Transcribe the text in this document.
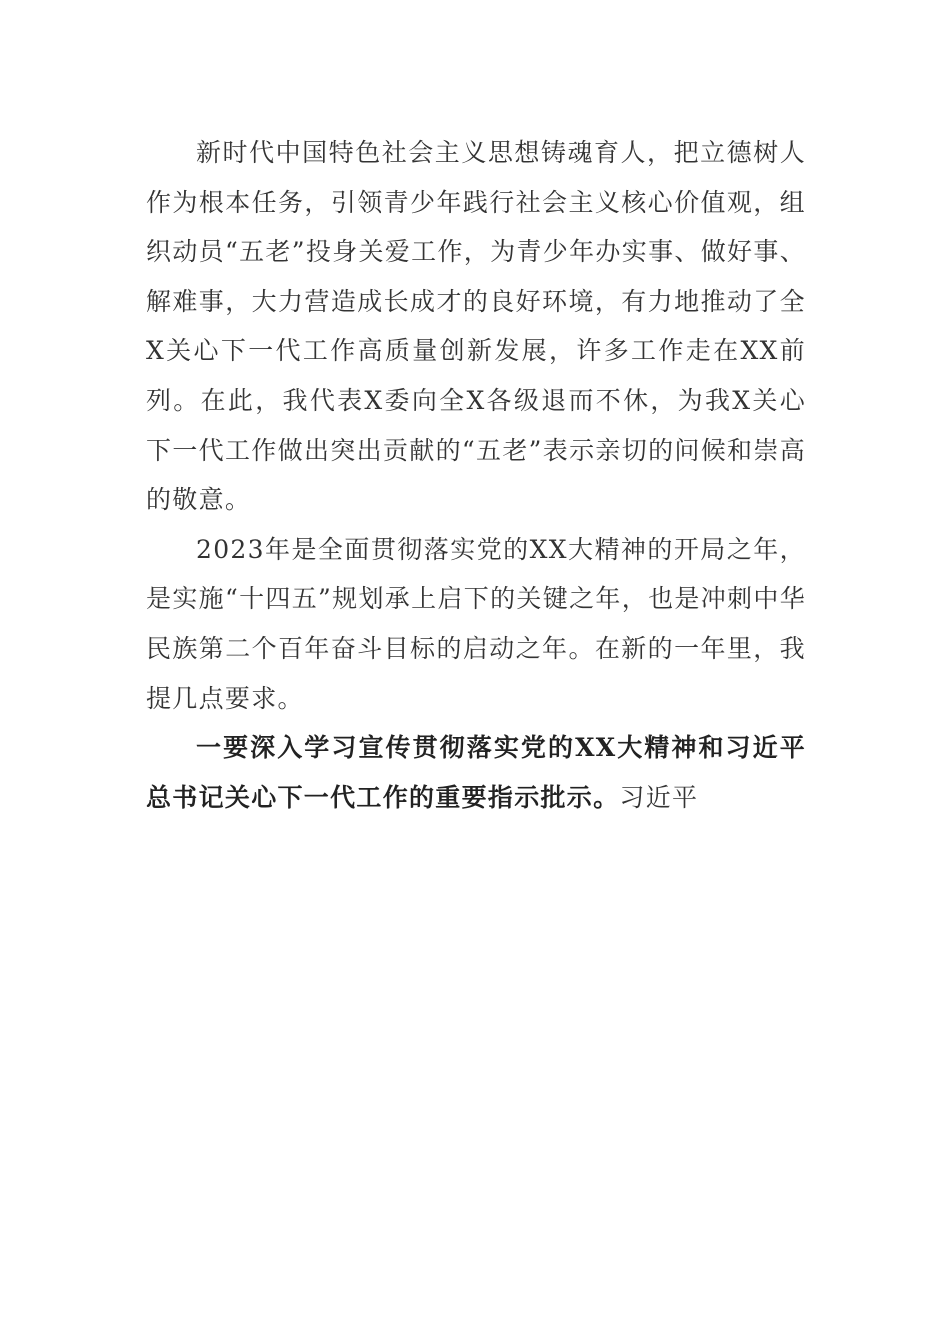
新时代中国特色社会主义思想铸魂育人，把立德树人作为根本任务，引领青少年践行社会主义核心价值观，组织动员“五老”投身关爱工作，为青少年办实事、做好事、解难事，大力营造成长成才的良好环境，有力地推动了全X关心下一代工作高质量创新发展，许多工作走在XX前列。在此，我代表X委向全X各级退而不休，为我X关心下一代工作做出突出贡献的“五老”表示亲切的问候和崇高的敬意。

2023年是全面贯彻落实党的XX大精神的开局之年，是实施“十四五”规划承上启下的关键之年，也是冲刺中华民族第二个百年奋斗目标的启动之年。在新的一年里，我提几点要求。

一要深入学习宣传贯彻落实党的XX大精神和习近平总书记关心下一代工作的重要指示批示。习近平
